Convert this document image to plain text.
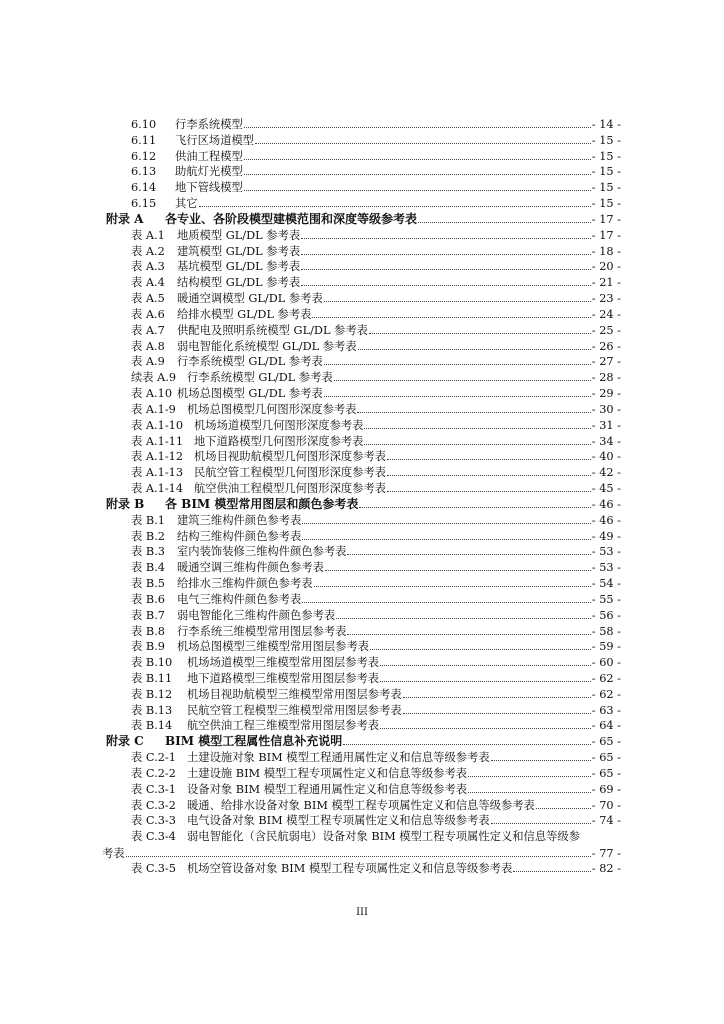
6.10	行李系统模型	- 14 -
6.11	飞行区场道模型	- 15 -
6.12	供油工程模型	- 15 -
6.13	助航灯光模型	- 15 -
6.14	地下管线模型	- 15 -
6.15	其它	- 15 -
附录 A	各专业、各阶段模型建模范围和深度等级参考表	- 17 -
表 A.1	地质模型 GL/DL 参考表	- 17 -
表 A.2	建筑模型 GL/DL 参考表	- 18 -
表 A.3	基坑模型 GL/DL 参考表	- 20 -
表 A.4	结构模型 GL/DL 参考表	- 21 -
表 A.5	暖通空调模型 GL/DL 参考表	- 23 -
表 A.6	给排水模型 GL/DL 参考表	- 24 -
表 A.7	供配电及照明系统模型 GL/DL 参考表	- 25 -
表 A.8	弱电智能化系统模型 GL/DL 参考表	- 26 -
表 A.9	行李系统模型 GL/DL 参考表	- 27 -
续表 A.9 行李系统模型 GL/DL 参考表	- 28 -
表 A.10 机场总图模型 GL/DL 参考表	- 29 -
表 A.1-9 机场总图模型几何图形深度参考表	- 30 -
表 A.1-10 机场场道模型几何图形深度参考表	- 31 -
表 A.1-11 地下道路模型几何图形深度参考表	- 34 -
表 A.1-12 机场目视助航模型几何图形深度参考表	- 40 -
表 A.1-13 民航空管工程模型几何图形深度参考表	- 42 -
表 A.1-14 航空供油工程模型几何图形深度参考表	- 45 -
附录 B	各 BIM 模型常用图层和颜色参考表	- 46 -
表 B.1	建筑三维构件颜色参考表	- 46 -
表 B.2	结构三维构件颜色参考表	- 49 -
表 B.3	室内装饰装修三维构件颜色参考表	- 53 -
表 B.4	暖通空调三维构件颜色参考表	- 53 -
表 B.5	给排水三维构件颜色参考表	- 54 -
表 B.6	电气三维构件颜色参考表	- 55 -
表 B.7	弱电智能化三维构件颜色参考表	- 56 -
表 B.8	行李系统三维模型常用图层参考表	- 58 -
表 B.9	机场总图模型三维模型常用图层参考表	- 59 -
表 B.10	机场场道模型三维模型常用图层参考表	- 60 -
表 B.11	地下道路模型三维模型常用图层参考表	- 62 -
表 B.12	机场目视助航模型三维模型常用图层参考表	- 62 -
表 B.13	民航空管工程模型三维模型常用图层参考表	- 63 -
表 B.14	航空供油工程三维模型常用图层参考表	- 64 -
附录 C	BIM 模型工程属性信息补充说明	- 65 -
表 C.2-1 土建设施对象 BIM 模型工程通用属性定义和信息等级参考表	- 65 -
表 C.2-2 土建设施 BIM 模型工程专项属性定义和信息等级参考表	- 65 -
表 C.3-1 设备对象 BIM 模型工程通用属性定义和信息等级参考表	- 69 -
表 C.3-2 暖通、给排水设备对象 BIM 模型工程专项属性定义和信息等级参考表	- 70 -
表 C.3-3 电气设备对象 BIM 模型工程专项属性定义和信息等级参考表	- 74 -
表 C.3-4 弱电智能化（含民航弱电）设备对象 BIM 模型工程专项属性定义和信息等级参
考表	- 77 -
表 C.3-5 机场空管设备对象 BIM 模型工程专项属性定义和信息等级参考表	- 82 -
III
